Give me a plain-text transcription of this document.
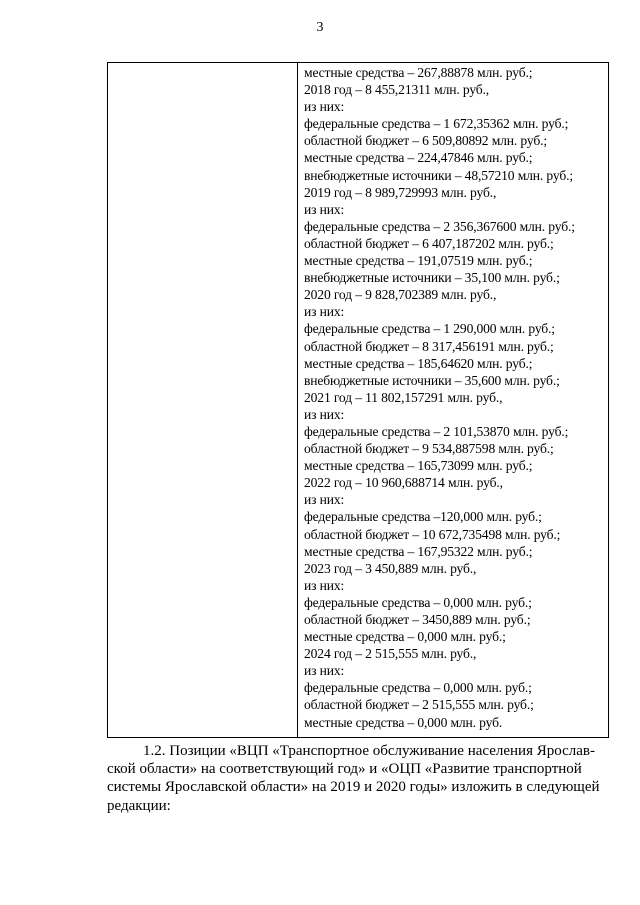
3
местные средства – 267,88878 млн. руб.;
2018 год – 8 455,21311 млн. руб.,
из них:
федеральные средства – 1 672,35362 млн. руб.;
областной бюджет – 6 509,80892 млн. руб.;
местные средства – 224,47846 млн. руб.;
внебюджетные источники – 48,57210 млн. руб.;
2019 год – 8 989,729993 млн. руб.,
из них:
федеральные средства – 2 356,367600 млн. руб.;
областной бюджет – 6 407,187202 млн. руб.;
местные средства – 191,07519 млн. руб.;
внебюджетные источники – 35,100 млн. руб.;
2020 год – 9 828,702389 млн. руб.,
из них:
федеральные средства – 1 290,000 млн. руб.;
областной бюджет – 8 317,456191 млн. руб.;
местные средства – 185,64620 млн. руб.;
внебюджетные источники – 35,600 млн. руб.;
2021 год – 11 802,157291 млн. руб.,
из них:
федеральные средства – 2 101,53870 млн. руб.;
областной бюджет – 9 534,887598 млн. руб.;
местные средства – 165,73099 млн. руб.;
2022 год – 10 960,688714 млн. руб.,
из них:
федеральные средства –120,000 млн. руб.;
областной бюджет – 10 672,735498 млн. руб.;
местные средства – 167,95322 млн. руб.;
2023 год – 3 450,889 млн. руб.,
из них:
федеральные средства – 0,000 млн. руб.;
областной бюджет – 3450,889 млн. руб.;
местные средства – 0,000 млн. руб.;
2024 год – 2 515,555 млн. руб.,
из них:
федеральные средства – 0,000 млн. руб.;
областной бюджет – 2 515,555 млн. руб.;
местные средства – 0,000 млн. руб.
1.2. Позиции «ВЦП «Транспортное обслуживание населения Ярослав-
ской области» на соответствующий год» и «ОЦП «Развитие транспортной
системы Ярославской области» на 2019 и 2020 годы» изложить в следующей
редакции:
